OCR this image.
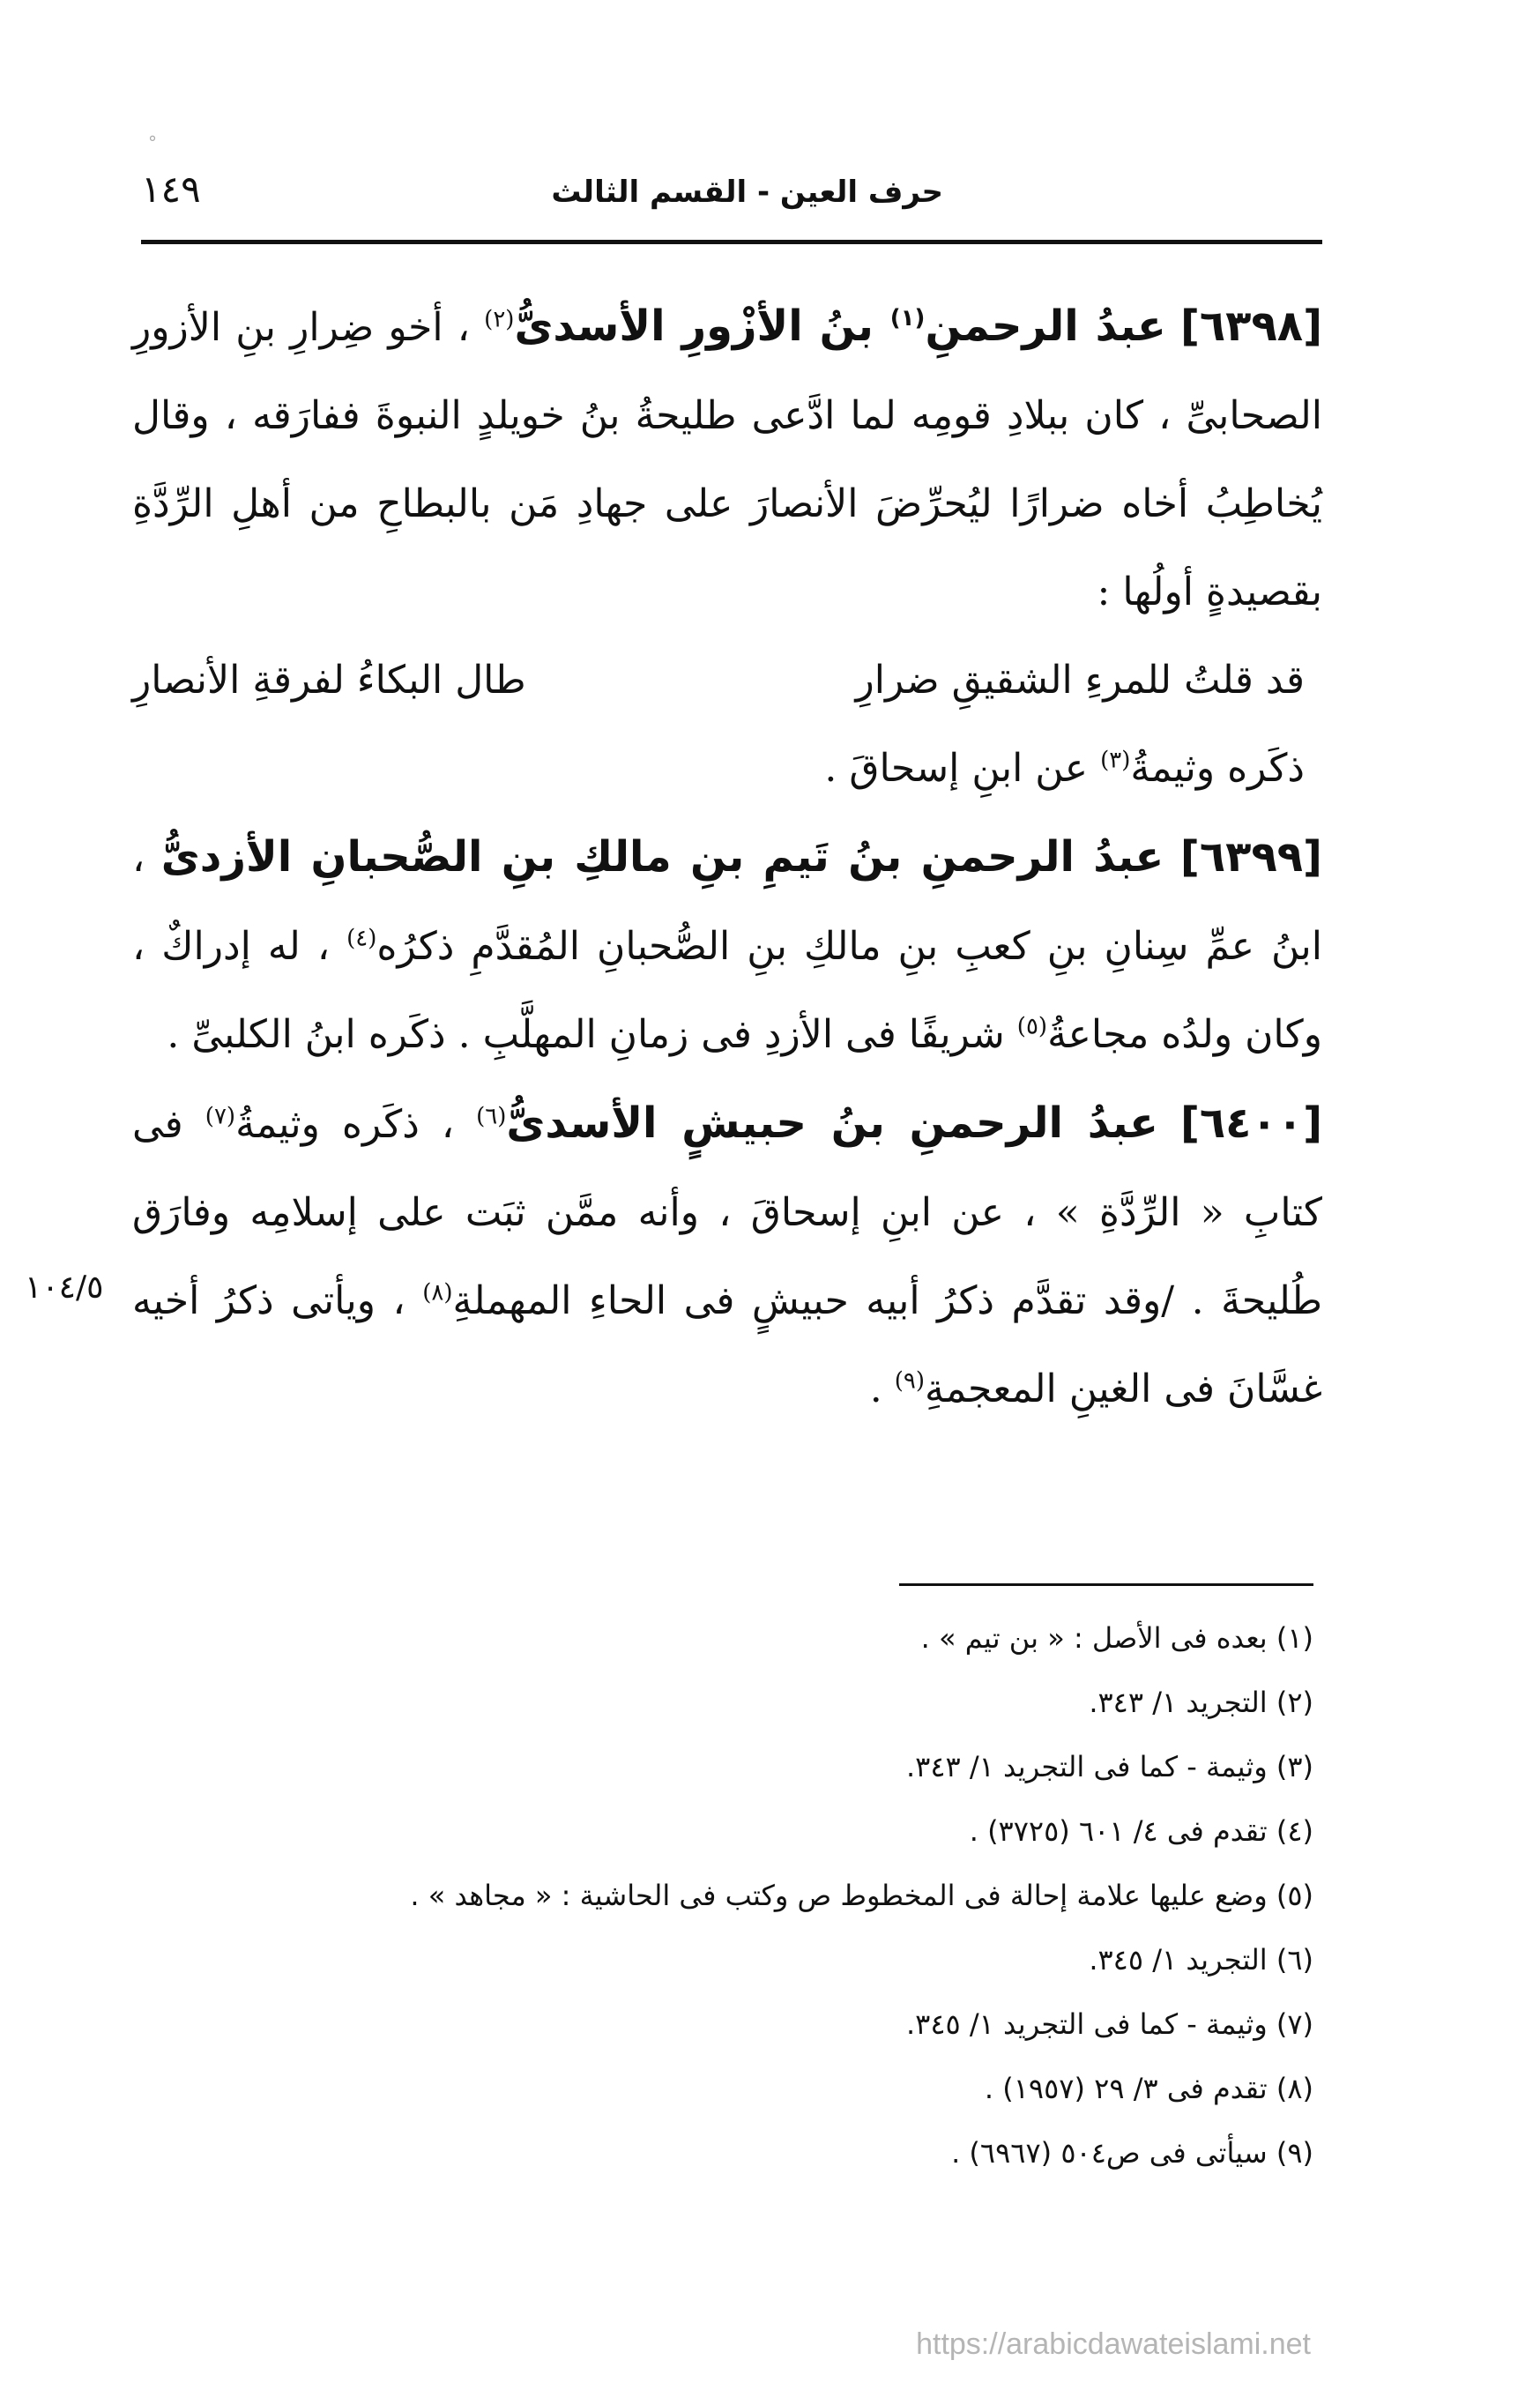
°
حرف العين - القسم الثالث
١٤٩

[٦٣٩٨] عبدُ الرحمنِ$^{(١)}$ بنُ الأزْورِ الأسدىُّ$^{(٢)}$ ، أخو ضِرارِ بنِ الأزورِ الصحابىِّ ، كان ببلادِ قومِه لما ادَّعى طليحةُ بنُ خويلدٍ النبوةَ ففارَقه ، وقال يُخاطِبُ أخاه ضرارًا ليُحرِّضَ الأنصارَ على جهادِ مَن بالبطاحِ من أهلِ الرِّدَّةِ بقصيدةٍ أولُها :

قد قلتُ للمرءِ الشقيقِ ضرارِ
طال البكاءُ لفرقةِ الأنصارِ

ذكَره وثيمةُ$^{(٣)}$ عن ابنِ إسحاقَ .

[٦٣٩٩] عبدُ الرحمنِ بنُ تَيمِ بنِ مالكِ بنِ الصُّحبانِ الأزدىُّ ، ابنُ عمِّ سِنانِ بنِ كعبِ بنِ مالكِ بنِ الصُّحبانِ المُقدَّمِ ذكرُه$^{(٤)}$ ، له إدراكٌ ، وكان ولدُه مجاعةُ$^{(٥)}$ شريفًا فى الأزدِ فى زمانِ المهلَّبِ . ذكَره ابنُ الكلبىِّ .

[٦٤٠٠] عبدُ الرحمنِ بنُ حبيشٍ الأسدىُّ$^{(٦)}$ ، ذكَره وثيمةُ$^{(٧)}$ فى كتابِ « الرِّدَّةِ » ، عن ابنِ إسحاقَ ، وأنه ممَّن ثبَت على إسلامِه وفارَق طُليحةَ . /وقد تقدَّم ذكرُ أبيه حبيشٍ فى الحاءِ المهملةِ$^{(٨)}$ ، ويأتى ذكرُ أخيه غسَّانَ فى الغينِ المعجمةِ$^{(٩)}$ .

١٠٤/٥

(١) بعده فى الأصل : « بن تيم » .

(٢) التجريد ١/ ٣٤٣.

(٣) وثيمة - كما فى التجريد ١/ ٣٤٣.

(٤) تقدم فى ٤/ ٦٠١ (٣٧٢٥) .

(٥) وضع عليها علامة إحالة فى المخطوط ص وكتب فى الحاشية : « مجاهد » .

(٦) التجريد ١/ ٣٤٥.

(٧) وثيمة - كما فى التجريد ١/ ٣٤٥.

(٨) تقدم فى ٣/ ٢٩ (١٩٥٧) .

(٩) سيأتى فى ص٥٠٤ (٦٩٦٧) .

https://arabicdawateislami.net
